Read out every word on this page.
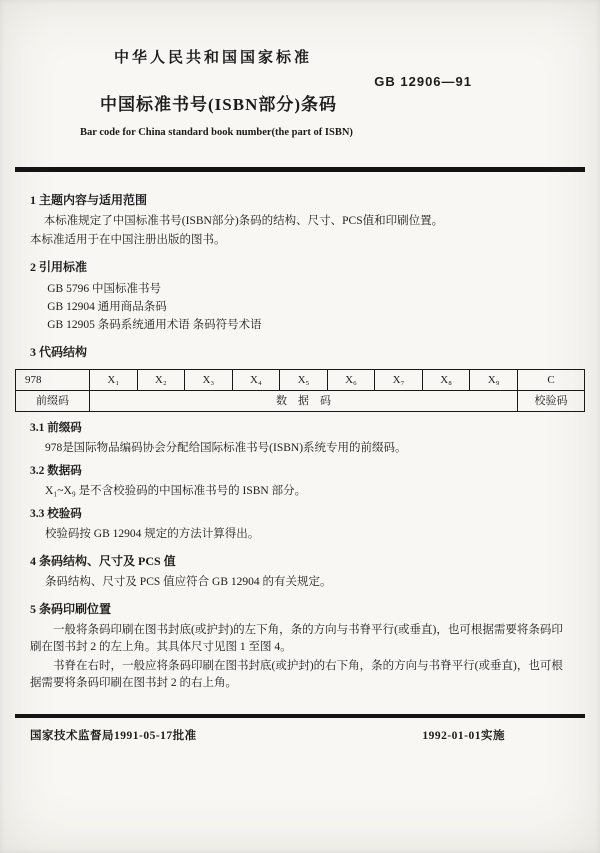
中华人民共和国国家标准
GB 12906—91
中国标准书号(ISBN部分)条码
Bar code for China standard book number(the part of ISBN)
1 主题内容与适用范围
本标准规定了中国标准书号(ISBN部分)条码的结构、尺寸、PCS值和印刷位置。
本标准适用于在中国注册出版的图书。
2 引用标准
GB 5796 中国标准书号
GB 12904 通用商品条码
GB 12905 条码系统通用术语 条码符号术语
3 代码结构
978	X₁	X₂	X₃	X₄	X₅	X₆	X₇	X₈	X₉	C
前缀码	数　据　码									校验码
3.1 前缀码
978是国际物品编码协会分配给国际标准书号(ISBN)系统专用的前缀码。
3.2 数据码
X₁~X₉ 是不含校验码的中国标准书号的 ISBN 部分。
3.3 校验码
校验码按 GB 12904 规定的方法计算得出。
4 条码结构、尺寸及 PCS 值
条码结构、尺寸及 PCS 值应符合 GB 12904 的有关规定。
5 条码印刷位置
一般将条码印刷在图书封底(或护封)的左下角，条的方向与书脊平行(或垂直)，也可根据需要将条码印刷在图书封 2 的左上角。其具体尺寸见图 1 至图 4。
书脊在右时，一般应将条码印刷在图书封底(或护封)的右下角，条的方向与书脊平行(或垂直)，也可根据需要将条码印刷在图书封 2 的右上角。
国家技术监督局1991-05-17批准	1992-01-01实施
